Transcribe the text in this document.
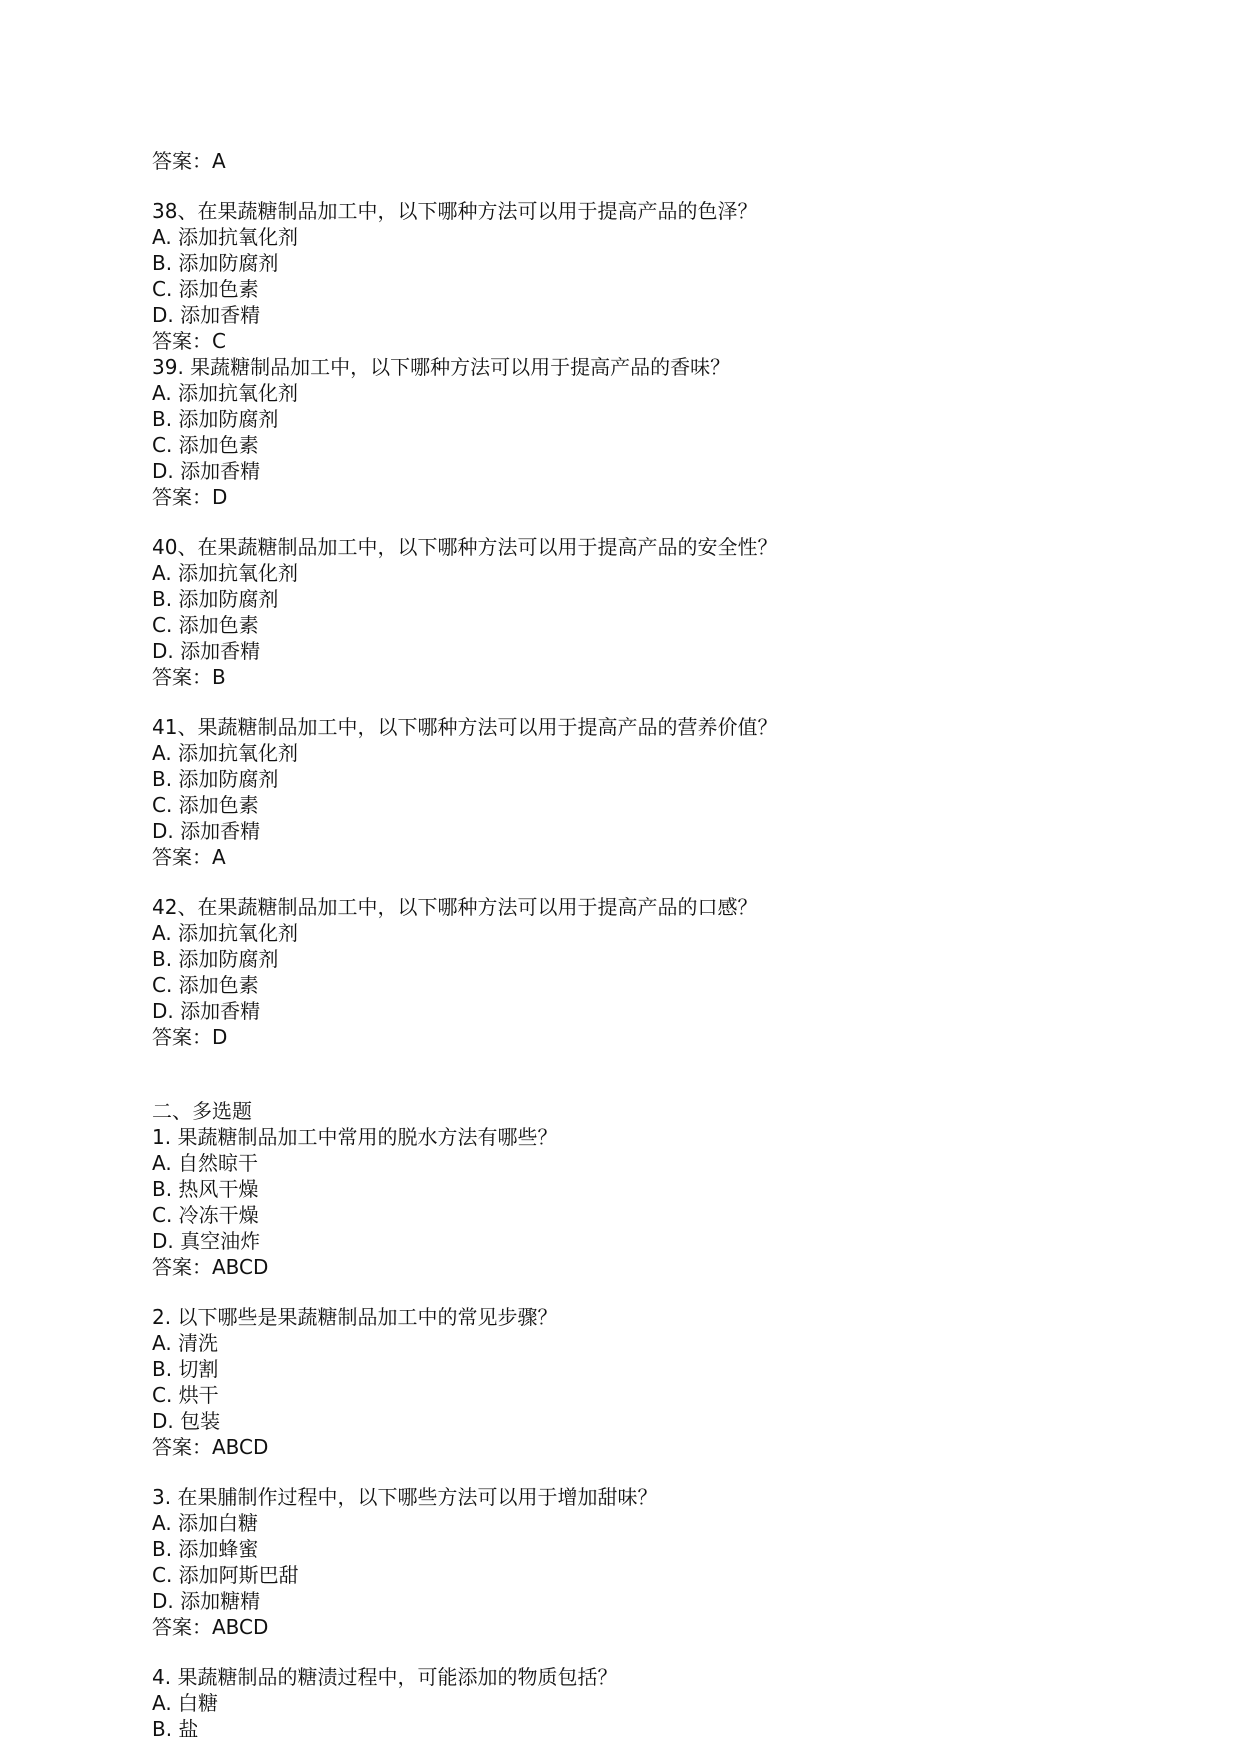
答案：A
38、在果蔬糖制品加工中，以下哪种方法可以用于提高产品的色泽？
A. 添加抗氧化剂
B. 添加防腐剂
C. 添加色素
D. 添加香精
答案：C
39. 果蔬糖制品加工中，以下哪种方法可以用于提高产品的香味？
A. 添加抗氧化剂
B. 添加防腐剂
C. 添加色素
D. 添加香精
答案：D
40、在果蔬糖制品加工中，以下哪种方法可以用于提高产品的安全性？
A. 添加抗氧化剂
B. 添加防腐剂
C. 添加色素
D. 添加香精
答案：B
41、果蔬糖制品加工中，以下哪种方法可以用于提高产品的营养价值？
A. 添加抗氧化剂
B. 添加防腐剂
C. 添加色素
D. 添加香精
答案：A
42、在果蔬糖制品加工中，以下哪种方法可以用于提高产品的口感？
A. 添加抗氧化剂
B. 添加防腐剂
C. 添加色素
D. 添加香精
答案：D
二、多选题
1. 果蔬糖制品加工中常用的脱水方法有哪些？
A. 自然晾干
B. 热风干燥
C. 冷冻干燥
D. 真空油炸
答案：ABCD
2. 以下哪些是果蔬糖制品加工中的常见步骤？
A. 清洗
B. 切割
C. 烘干
D. 包装
答案：ABCD
3. 在果脯制作过程中，以下哪些方法可以用于增加甜味？
A. 添加白糖
B. 添加蜂蜜
C. 添加阿斯巴甜
D. 添加糖精
答案：ABCD
4. 果蔬糖制品的糖渍过程中，可能添加的物质包括？
A. 白糖
B. 盐
